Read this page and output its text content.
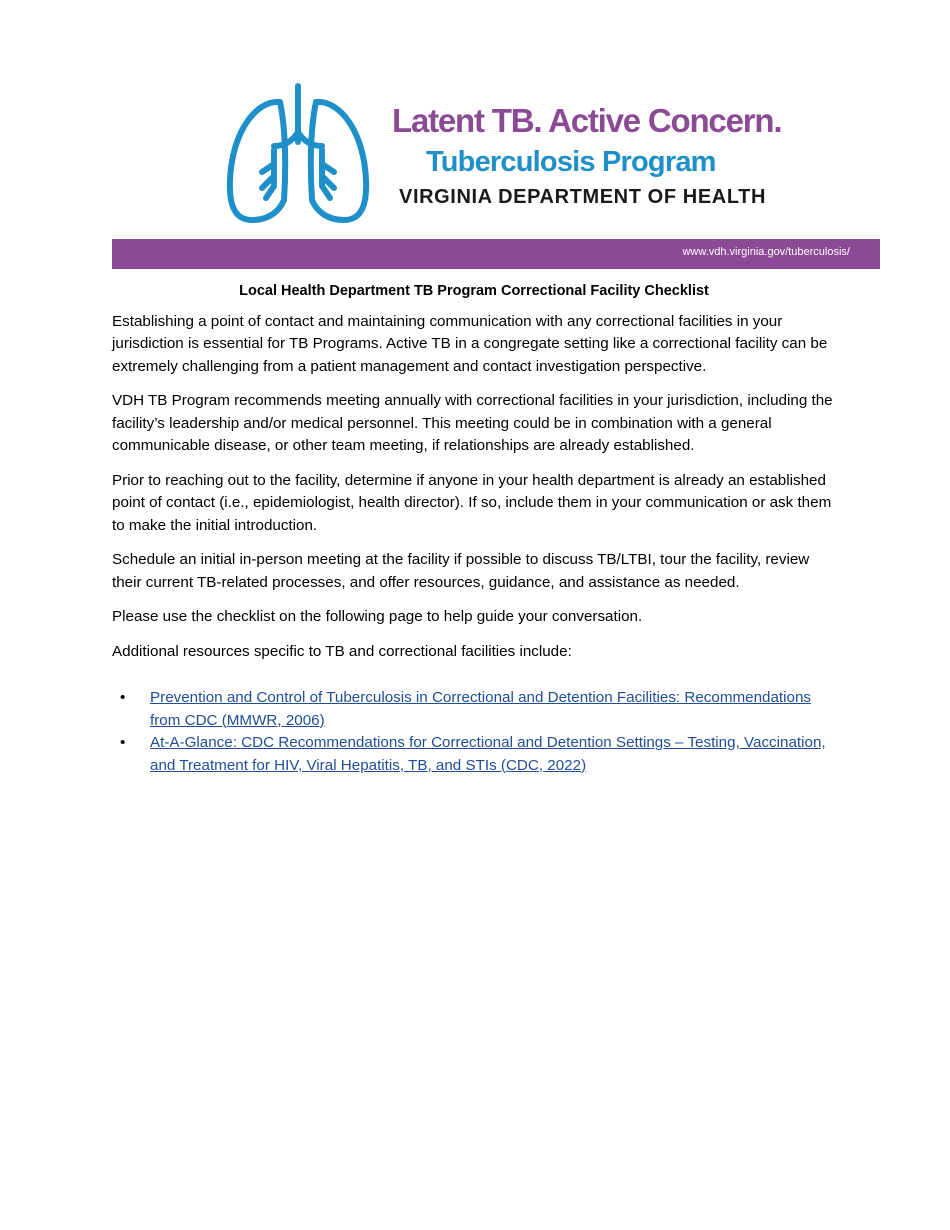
Latent TB. Active Concern.
Tuberculosis Program
VIRGINIA DEPARTMENT OF HEALTH
www.vdh.virginia.gov/tuberculosis/
Local Health Department TB Program Correctional Facility Checklist

Establishing a point of contact and maintaining communication with any correctional facilities in your jurisdiction is essential for TB Programs. Active TB in a congregate setting like a correctional facility can be extremely challenging from a patient management and contact investigation perspective.

VDH TB Program recommends meeting annually with correctional facilities in your jurisdiction, including the facility’s leadership and/or medical personnel. This meeting could be in combination with a general communicable disease, or other team meeting, if relationships are already established.

Prior to reaching out to the facility, determine if anyone in your health department is already an established point of contact (i.e., epidemiologist, health director). If so, include them in your communication or ask them to make the initial introduction.

Schedule an initial in-person meeting at the facility if possible to discuss TB/LTBI, tour the facility, review their current TB-related processes, and offer resources, guidance, and assistance as needed.

Please use the checklist on the following page to help guide your conversation.

Additional resources specific to TB and correctional facilities include:

• Prevention and Control of Tuberculosis in Correctional and Detention Facilities: Recommendations from CDC (MMWR, 2006)
• At-A-Glance: CDC Recommendations for Correctional and Detention Settings – Testing, Vaccination, and Treatment for HIV, Viral Hepatitis, TB, and STIs (CDC, 2022)
